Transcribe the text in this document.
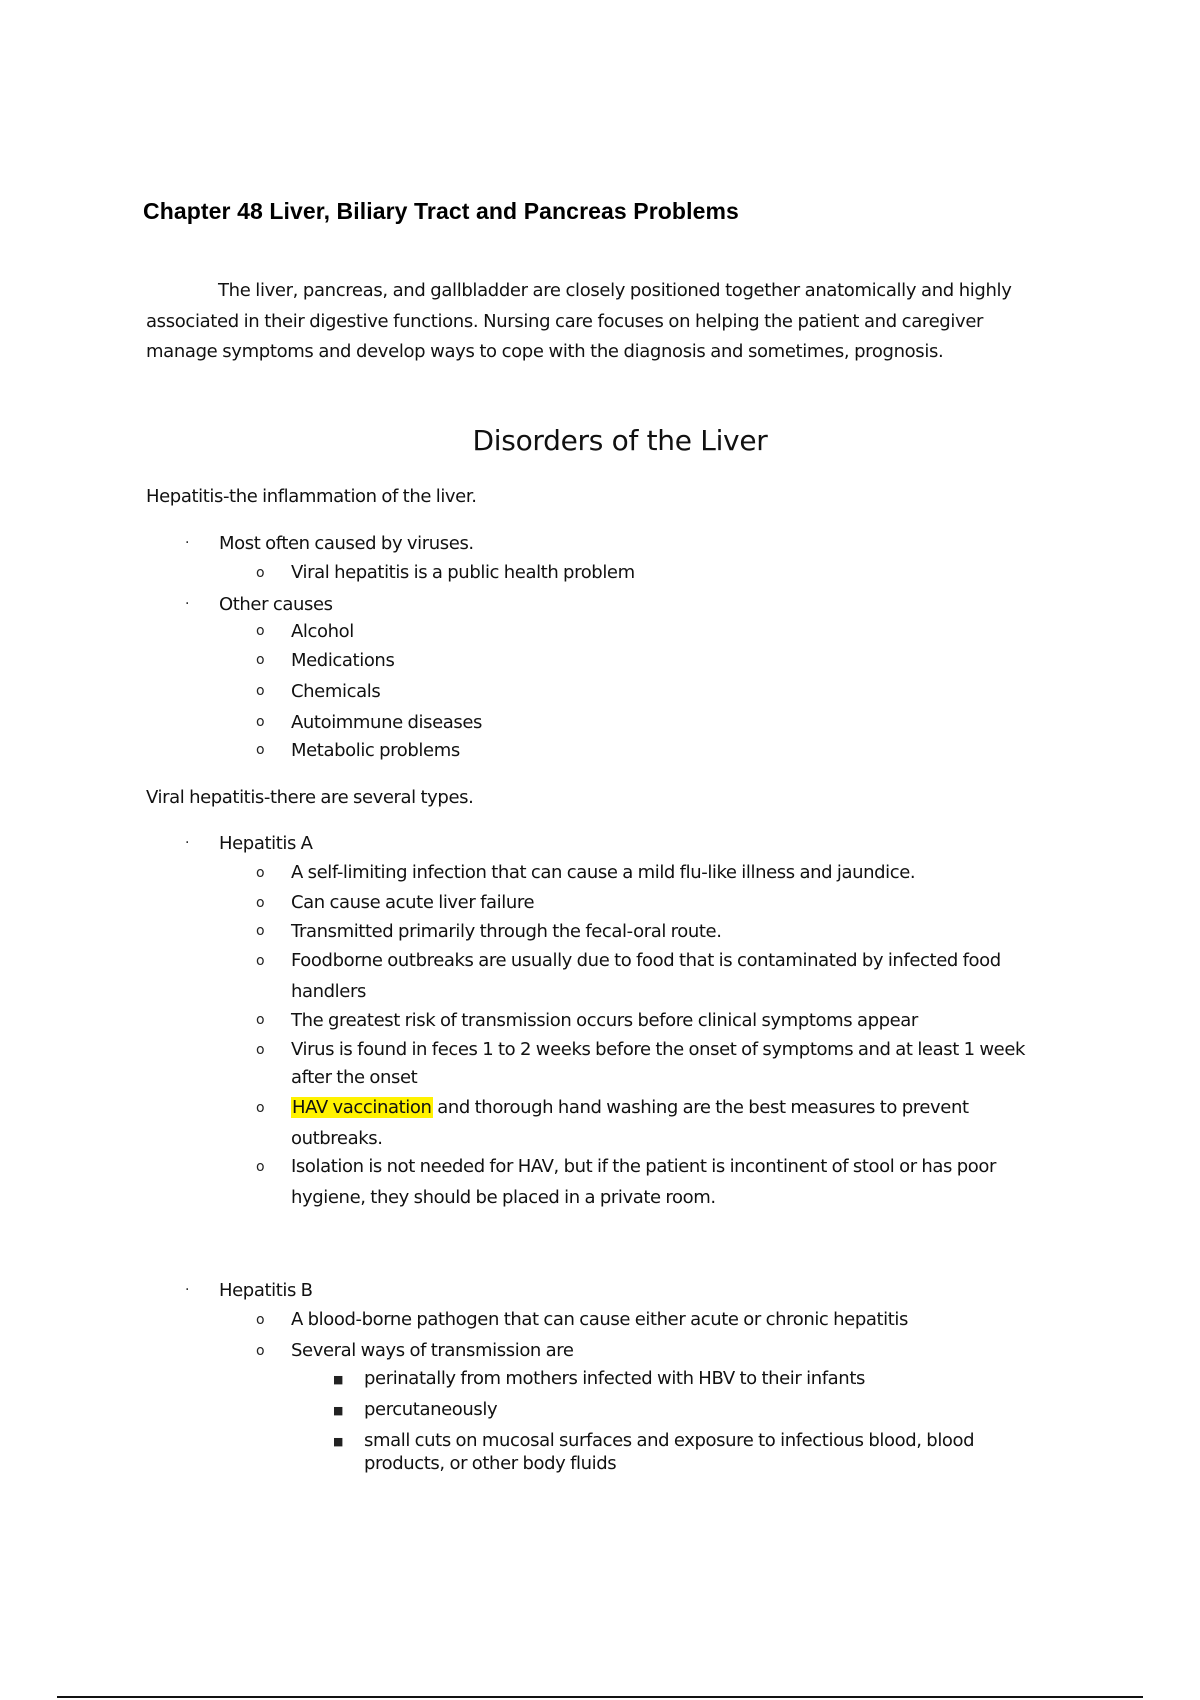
Chapter 48 Liver, Biliary Tract and Pancreas Problems
The liver, pancreas, and gallbladder are closely positioned together anatomically and highly associated in their digestive functions. Nursing care focuses on helping the patient and caregiver manage symptoms and develop ways to cope with the diagnosis and sometimes, prognosis.
Disorders of the Liver
Hepatitis-the inflammation of the liver.
· Most often caused by viruses.
o Viral hepatitis is a public health problem
· Other causes
o Alcohol
o Medications
o Chemicals
o Autoimmune diseases
o Metabolic problems
Viral hepatitis-there are several types.
· Hepatitis A
o A self-limiting infection that can cause a mild flu-like illness and jaundice.
o Can cause acute liver failure
o Transmitted primarily through the fecal-oral route.
o Foodborne outbreaks are usually due to food that is contaminated by infected food
handlers
o The greatest risk of transmission occurs before clinical symptoms appear
o Virus is found in feces 1 to 2 weeks before the onset of symptoms and at least 1 week
after the onset
o HAV vaccination and thorough hand washing are the best measures to prevent
outbreaks.
o Isolation is not needed for HAV, but if the patient is incontinent of stool or has poor
hygiene, they should be placed in a private room.
· Hepatitis B
o A blood-borne pathogen that can cause either acute or chronic hepatitis
o Several ways of transmission are
■ perinatally from mothers infected with HBV to their infants
■ percutaneously
■ small cuts on mucosal surfaces and exposure to infectious blood, blood
products, or other body fluids
